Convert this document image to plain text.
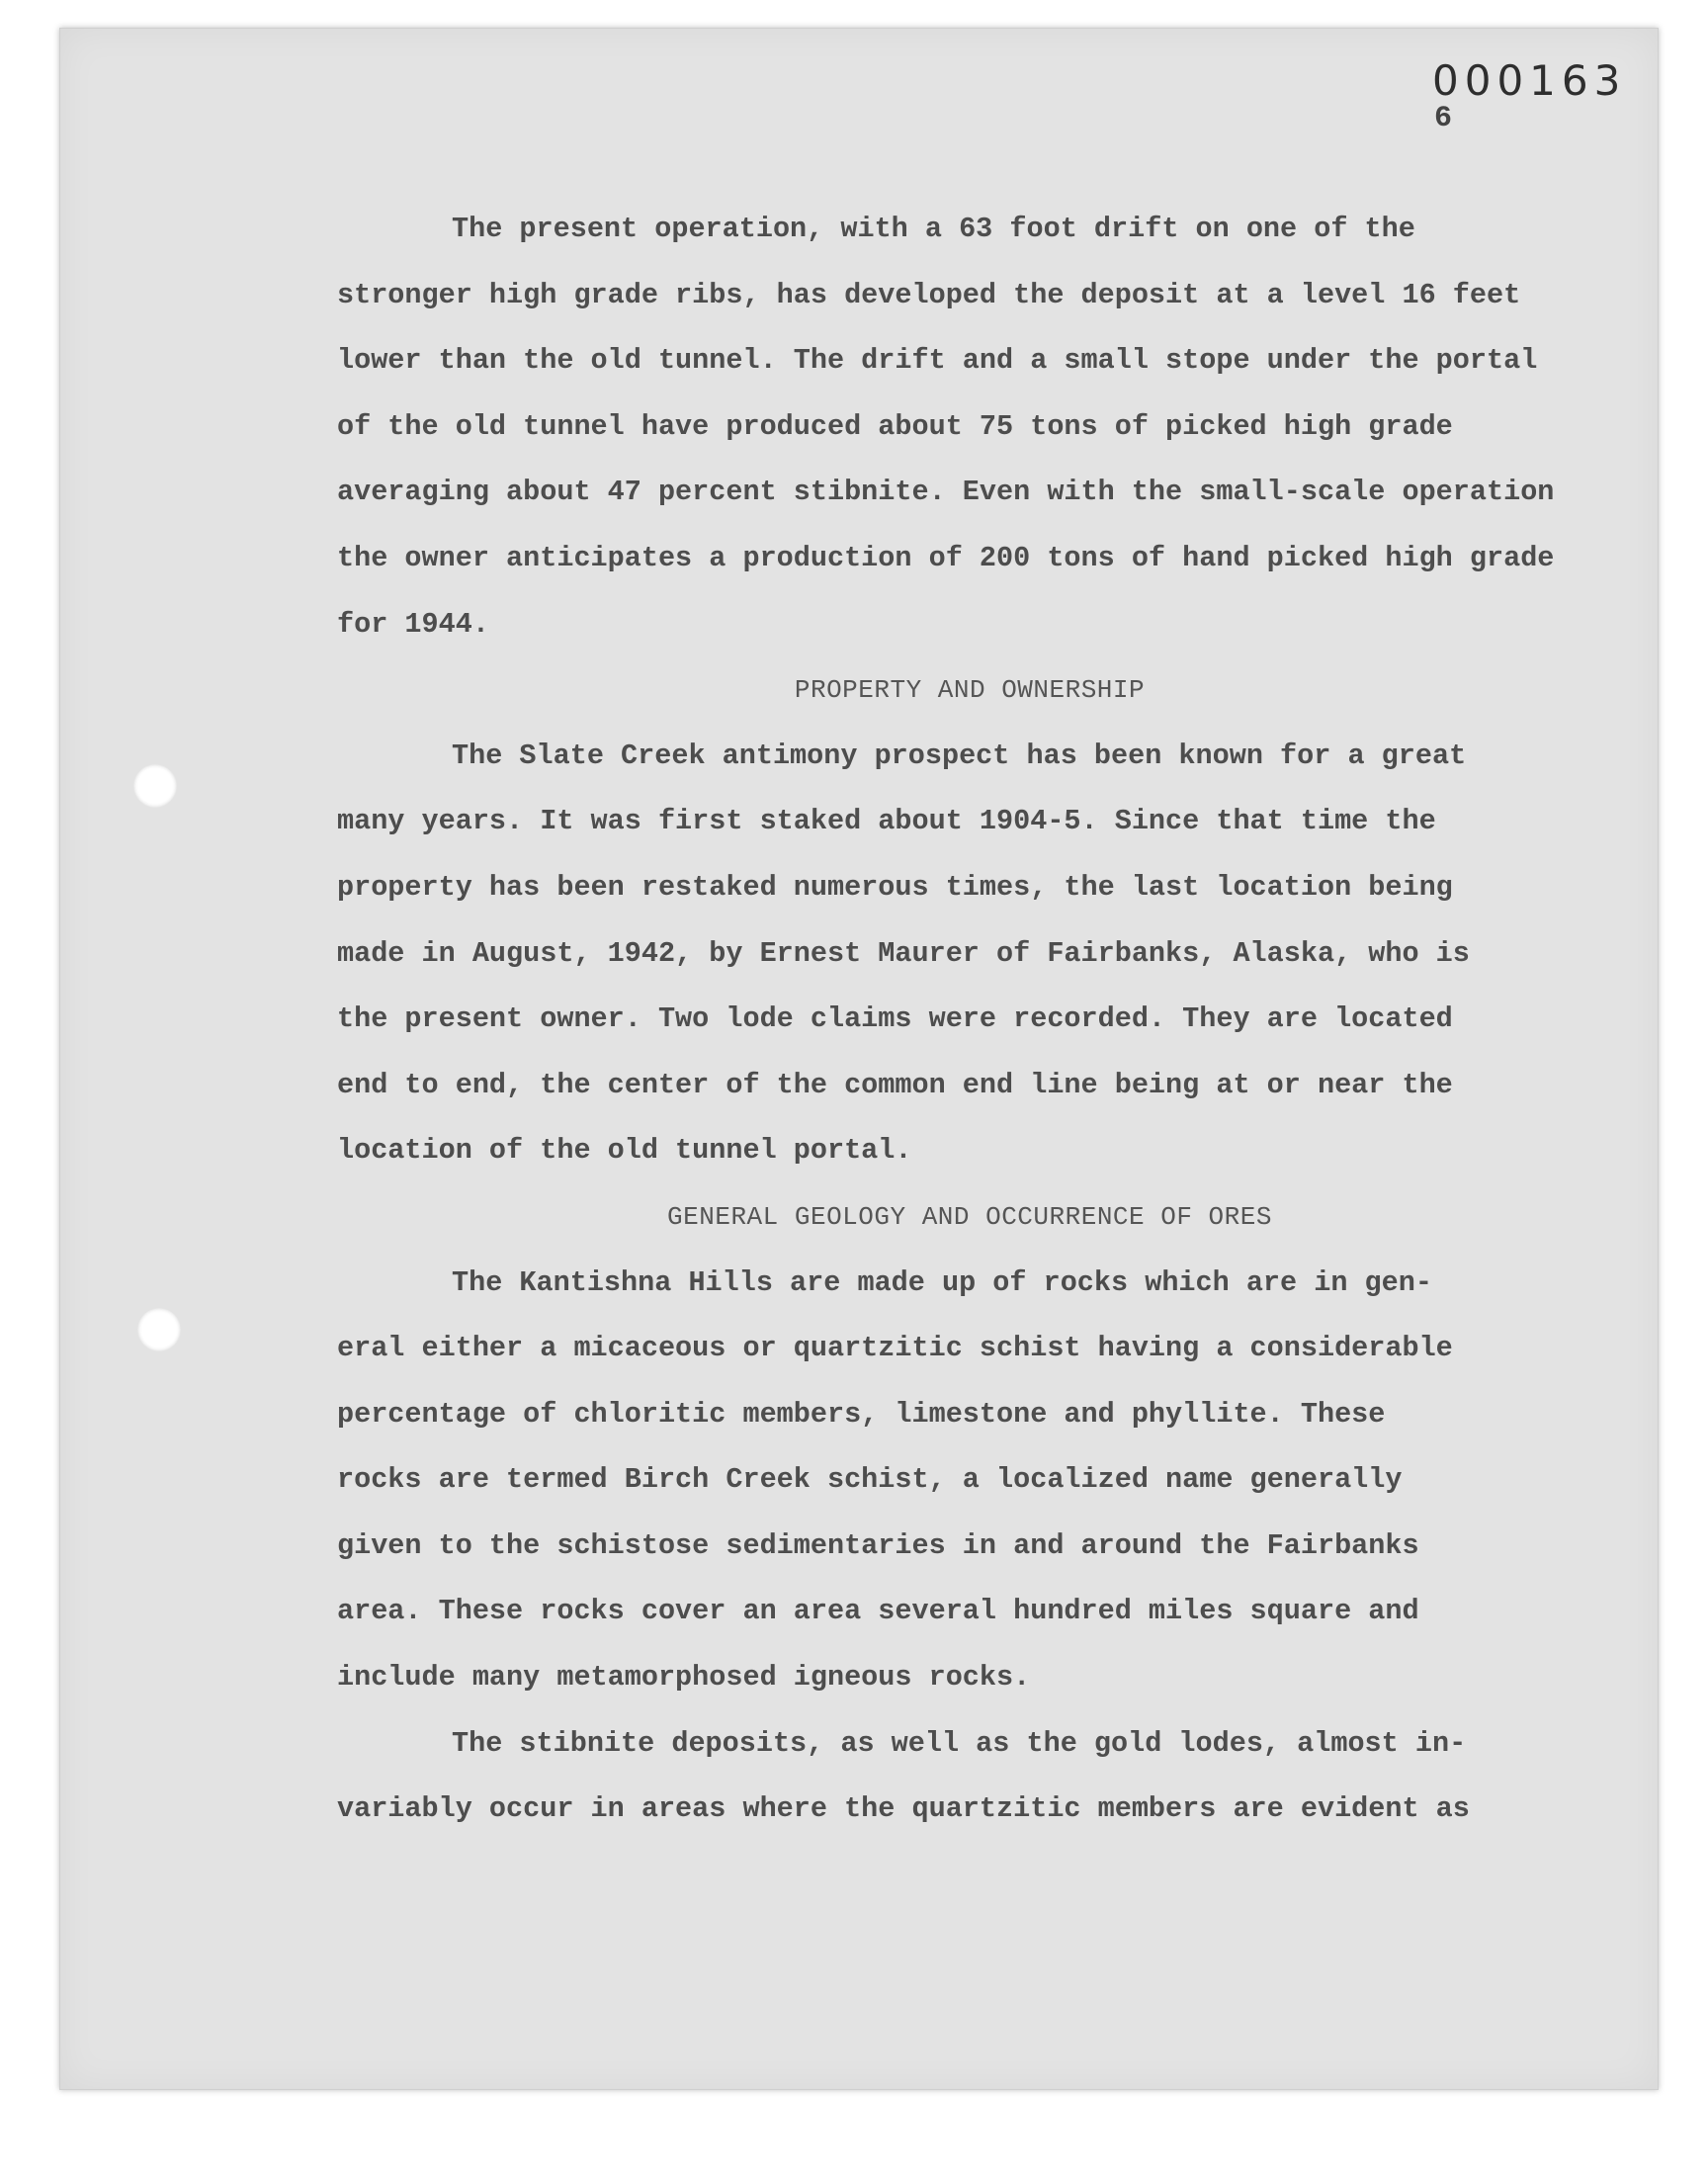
000163
6

The present operation, with a 63 foot drift on one of the
stronger high grade ribs, has developed the deposit at a level 16 feet
lower than the old tunnel. The drift and a small stope under the portal
of the old tunnel have produced about 75 tons of picked high grade
averaging about 47 percent stibnite. Even with the small-scale operation
the owner anticipates a production of 200 tons of hand picked high grade
for 1944.

PROPERTY AND OWNERSHIP

The Slate Creek antimony prospect has been known for a great
many years. It was first staked about 1904-5. Since that time the
property has been restaked numerous times, the last location being
made in August, 1942, by Ernest Maurer of Fairbanks, Alaska, who is
the present owner. Two lode claims were recorded. They are located
end to end, the center of the common end line being at or near the
location of the old tunnel portal.

GENERAL GEOLOGY AND OCCURRENCE OF ORES

The Kantishna Hills are made up of rocks which are in gen-
eral either a micaceous or quartzitic schist having a considerable
percentage of chloritic members, limestone and phyllite. These
rocks are termed Birch Creek schist, a localized name generally
given to the schistose sedimentaries in and around the Fairbanks
area. These rocks cover an area several hundred miles square and
include many metamorphosed igneous rocks.

The stibnite deposits, as well as the gold lodes, almost in-
variably occur in areas where the quartzitic members are evident as
